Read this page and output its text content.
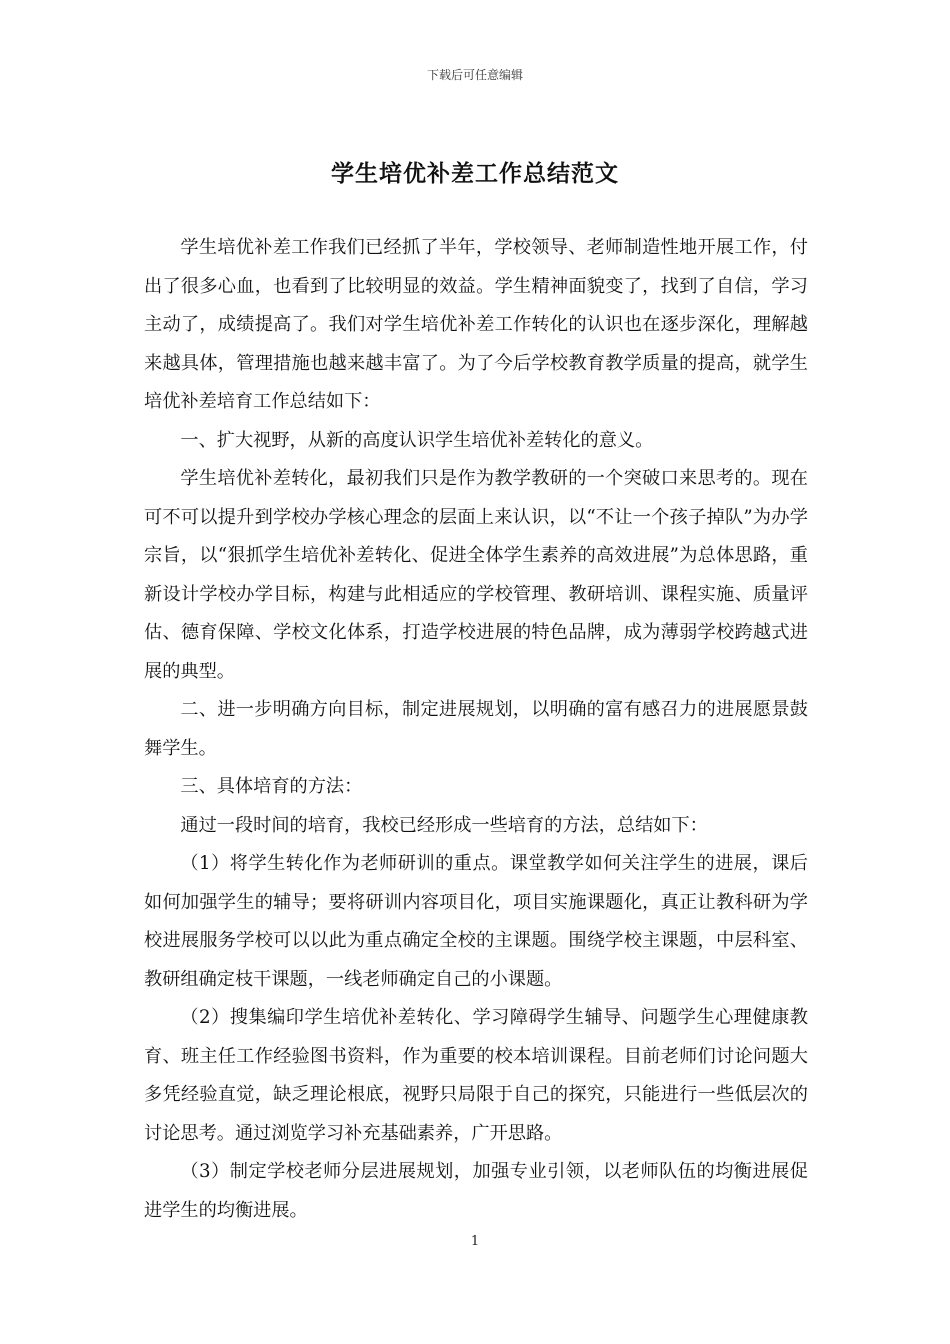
下载后可任意编辑
学生培优补差工作总结范文

学生培优补差工作我们已经抓了半年，学校领导、老师制造性地开展工作，付出了很多心血，也看到了比较明显的效益。学生精神面貌变了，找到了自信，学习主动了，成绩提高了。我们对学生培优补差工作转化的认识也在逐步深化，理解越来越具体，管理措施也越来越丰富了。为了今后学校教育教学质量的提高，就学生培优补差培育工作总结如下：

一、扩大视野，从新的高度认识学生培优补差转化的意义。

学生培优补差转化，最初我们只是作为教学教研的一个突破口来思考的。现在可不可以提升到学校办学核心理念的层面上来认识，以“不让一个孩子掉队”为办学宗旨，以“狠抓学生培优补差转化、促进全体学生素养的高效进展”为总体思路，重新设计学校办学目标，构建与此相适应的学校管理、教研培训、课程实施、质量评估、德育保障、学校文化体系，打造学校进展的特色品牌，成为薄弱学校跨越式进展的典型。

二、进一步明确方向目标，制定进展规划，以明确的富有感召力的进展愿景鼓舞学生。

三、具体培育的方法：

通过一段时间的培育，我校已经形成一些培育的方法，总结如下：

（1）将学生转化作为老师研训的重点。课堂教学如何关注学生的进展，课后如何加强学生的辅导；要将研训内容项目化，项目实施课题化，真正让教科研为学校进展服务学校可以以此为重点确定全校的主课题。围绕学校主课题，中层科室、教研组确定枝干课题，一线老师确定自己的小课题。

（2）搜集编印学生培优补差转化、学习障碍学生辅导、问题学生心理健康教育、班主任工作经验图书资料，作为重要的校本培训课程。目前老师们讨论问题大多凭经验直觉，缺乏理论根底，视野只局限于自己的探究，只能进行一些低层次的讨论思考。通过浏览学习补充基础素养，广开思路。

（3）制定学校老师分层进展规划，加强专业引领，以老师队伍的均衡进展促进学生的均衡进展。

1
